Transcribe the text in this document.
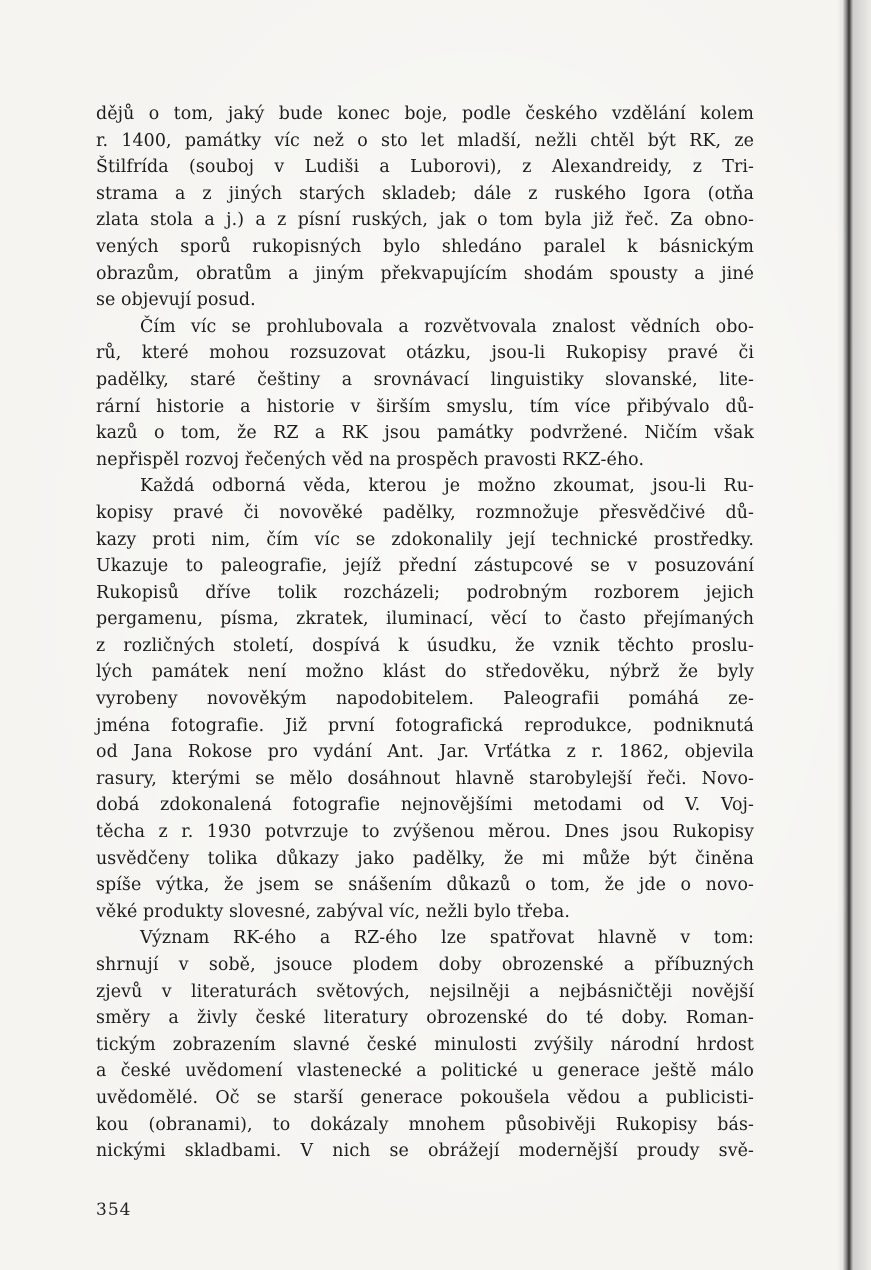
dějů o tom, jaký bude konec boje, podle českého vzdělání kolem
r. 1400, památky víc než o sto let mladší, nežli chtěl být RK, ze
Štilfrída (souboj v Ludiši a Luborovi), z Alexandreidy, z Tri-
strama a z jiných starých skladeb; dále z ruského Igora (otňa
zlata stola a j.) a z písní ruských, jak o tom byla již řeč. Za obno-
vených sporů rukopisných bylo shledáno paralel k básnickým
obrazům, obratům a jiným překvapujícím shodám spousty a jiné
se objevují posud.
Čím víc se prohlubovala a rozvětvovala znalost vědních obo-
rů, které mohou rozsuzovat otázku, jsou-li Rukopisy pravé či
padělky, staré češtiny a srovnávací linguistiky slovanské, lite-
rární historie a historie v širším smyslu, tím více přibývalo dů-
kazů o tom, že RZ a RK jsou památky podvržené. Ničím však
nepřispěl rozvoj řečených věd na prospěch pravosti RKZ-ého.
Každá odborná věda, kterou je možno zkoumat, jsou-li Ru-
kopisy pravé či novověké padělky, rozmnožuje přesvědčivé dů-
kazy proti nim, čím víc se zdokonalily její technické prostředky.
Ukazuje to paleografie, jejíž přední zástupcové se v posuzování
Rukopisů dříve tolik rozcházeli; podrobným rozborem jejich
pergamenu, písma, zkratek, iluminací, věcí to často přejímaných
z rozličných století, dospívá k úsudku, že vznik těchto proslu-
lých památek není možno klást do středověku, nýbrž že byly
vyrobeny novověkým napodobitelem. Paleografii pomáhá ze-
jména fotografie. Již první fotografická reprodukce, podniknutá
od Jana Rokose pro vydání Ant. Jar. Vrťátka z r. 1862, objevila
rasury, kterými se mělo dosáhnout hlavně starobylejší řeči. Novo-
dobá zdokonalená fotografie nejnovějšími metodami od V. Voj-
těcha z r. 1930 potvrzuje to zvýšenou měrou. Dnes jsou Rukopisy
usvědčeny tolika důkazy jako padělky, že mi může být činěna
spíše výtka, že jsem se snášením důkazů o tom, že jde o novo-
věké produkty slovesné, zabýval víc, nežli bylo třeba.
Význam RK-ého a RZ-ého lze spatřovat hlavně v tom:
shrnují v sobě, jsouce plodem doby obrozenské a příbuzných
zjevů v literaturách světových, nejsilněji a nejbásničtěji novější
směry a živly české literatury obrozenské do té doby. Roman-
tickým zobrazením slavné české minulosti zvýšily národní hrdost
a české uvědomení vlastenecké a politické u generace ještě málo
uvědomělé. Oč se starší generace pokoušela vědou a publicisti-
kou (obranami), to dokázaly mnohem působivěji Rukopisy bás-
nickými skladbami. V nich se obrážejí modernější proudy svě-
354
